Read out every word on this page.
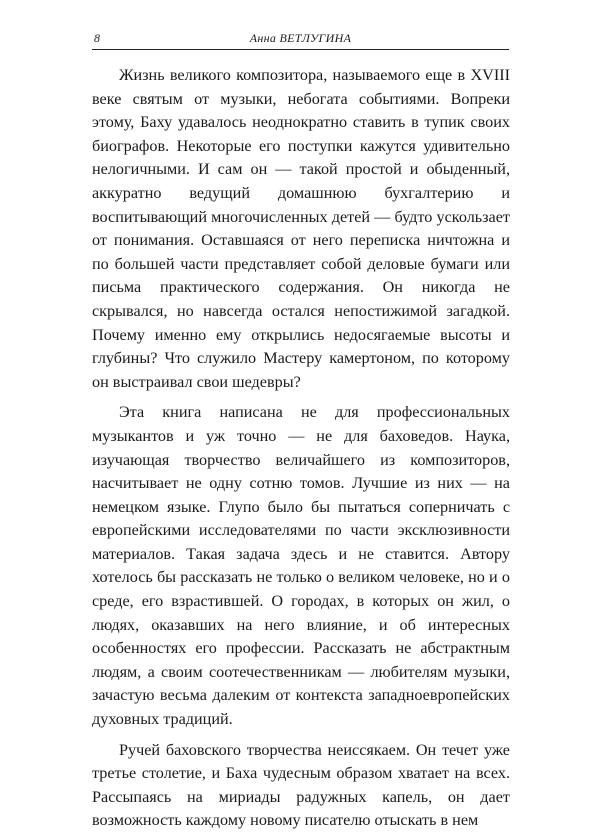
8	Анна ВЕТЛУГИНА

Жизнь великого композитора, называемого еще в XVIII веке святым от музыки, небогата событиями. Вопреки этому, Баху удавалось неоднократно ставить в тупик своих биографов. Некоторые его поступки кажутся удивительно нелогичными. И сам он — такой простой и обыденный, аккуратно ведущий домашнюю бухгалтерию и воспитывающий многочисленных детей — будто ускользает от понимания. Оставшаяся от него переписка ничтожна и по большей части представляет собой деловые бумаги или письма практического содержания. Он никогда не скрывался, но навсегда остался непостижимой загадкой. Почему именно ему открылись недосягаемые высоты и глубины? Что служило Мастеру камертоном, по которому он выстраивал свои шедевры?

Эта книга написана не для профессиональных музыкантов и уж точно — не для баховедов. Наука, изучающая творчество величайшего из композиторов, насчитывает не одну сотню томов. Лучшие из них — на немецком языке. Глупо было бы пытаться соперничать с европейскими исследователями по части эксклюзивности материалов. Такая задача здесь и не ставится. Автору хотелось бы рассказать не только о великом человеке, но и о среде, его взрастившей. О городах, в которых он жил, о людях, оказавших на него влияние, и об интересных особенностях его профессии. Рассказать не абстрактным людям, а своим соотечественникам — любителям музыки, зачастую весьма далеким от контекста западноевропейских духовных традиций.

Ручей баховского творчества неиссякаем. Он течет уже третье столетие, и Баха чудесным образом хватает на всех. Рассыпаясь на мириады радужных капель, он дает возможность каждому новому писателю отыскать в нем
